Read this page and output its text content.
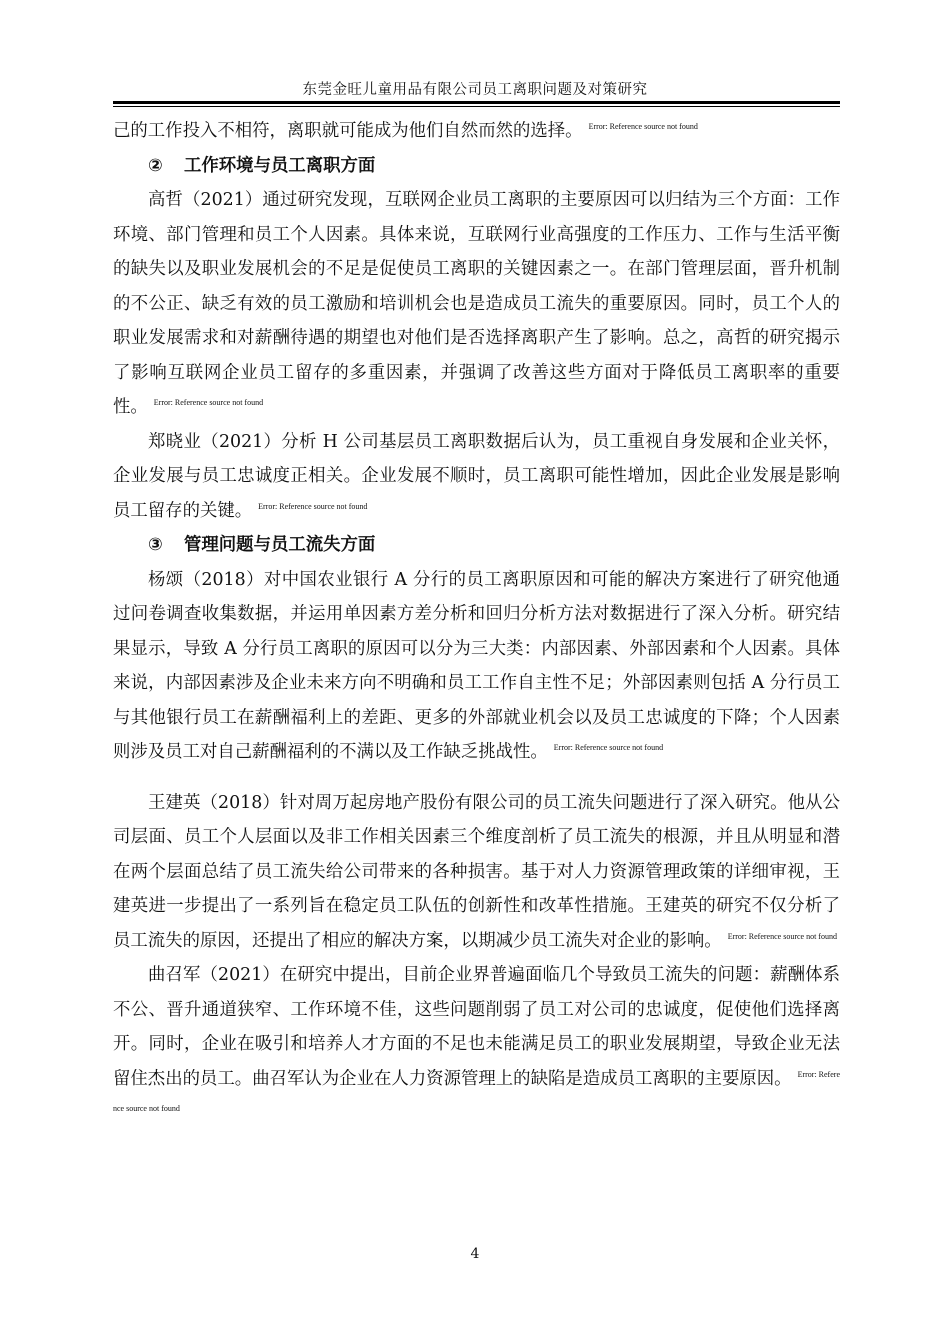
东莞金旺儿童用品有限公司员工离职问题及对策研究

己的工作投入不相符，离职就可能成为他们自然而然的选择。 $^{Error: Reference source not found}$

② 工作环境与员工离职方面

高哲（2021）通过研究发现，互联网企业员工离职的主要原因可以归结为三个方面：工作环境、部门管理和员工个人因素。具体来说，互联网行业高强度的工作压力、工作与生活平衡的缺失以及职业发展机会的不足是促使员工离职的关键因素之一。在部门管理层面，晋升机制的不公正、缺乏有效的员工激励和培训机会也是造成员工流失的重要原因。同时，员工个人的职业发展需求和对薪酬待遇的期望也对他们是否选择离职产生了影响。总之，高哲的研究揭示了影响互联网企业员工留存的多重因素，并强调了改善这些方面对于降低员工离职率的重要性。 $^{Error: Reference source not found}$

郑晓业（2021）分析 H 公司基层员工离职数据后认为，员工重视自身发展和企业关怀，企业发展与员工忠诚度正相关。企业发展不顺时，员工离职可能性增加，因此企业发展是影响员工留存的关键。 $^{Error: Reference source not found}$

③ 管理问题与员工流失方面

杨颂（2018）对中国农业银行 A 分行的员工离职原因和可能的解决方案进行了研究他通过问卷调查收集数据，并运用单因素方差分析和回归分析方法对数据进行了深入分析。研究结果显示，导致 A 分行员工离职的原因可以分为三大类：内部因素、外部因素和个人因素。具体来说，内部因素涉及企业未来方向不明确和员工工作自主性不足；外部因素则包括 A 分行员工与其他银行员工在薪酬福利上的差距、更多的外部就业机会以及员工忠诚度的下降；个人因素则涉及员工对自己薪酬福利的不满以及工作缺乏挑战性。 $^{Error: Reference source not found}$

王建英（2018）针对周万起房地产股份有限公司的员工流失问题进行了深入研究。他从公司层面、员工个人层面以及非工作相关因素三个维度剖析了员工流失的根源，并且从明显和潜在两个层面总结了员工流失给公司带来的各种损害。基于对人力资源管理政策的详细审视，王建英进一步提出了一系列旨在稳定员工队伍的创新性和改革性措施。王建英的研究不仅分析了员工流失的原因，还提出了相应的解决方案，以期减少员工流失对企业的影响。 $^{Error: Reference source not found}$

曲召军（2021）在研究中提出，目前企业界普遍面临几个导致员工流失的问题：薪酬体系不公、晋升通道狭窄、工作环境不佳，这些问题削弱了员工对公司的忠诚度，促使他们选择离开。同时，企业在吸引和培养人才方面的不足也未能满足员工的职业发展期望，导致企业无法留住杰出的员工。曲召军认为企业在人力资源管理上的缺陷是造成员工离职的主要原因。 $^{Error: Reference source not found}$

4
